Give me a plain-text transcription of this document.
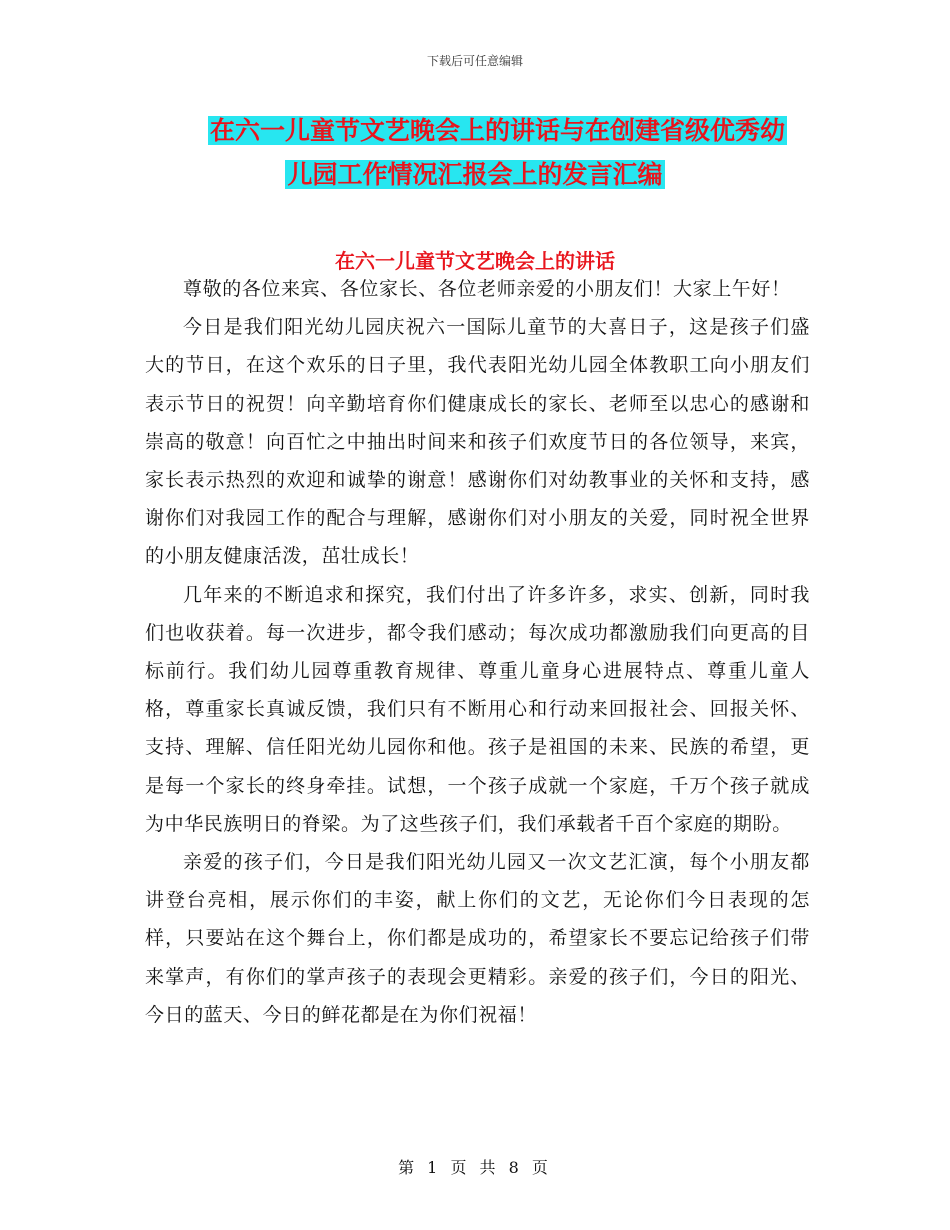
下载后可任意编辑
在六一儿童节文艺晚会上的讲话与在创建省级优秀幼
儿园工作情况汇报会上的发言汇编
在六一儿童节文艺晚会上的讲话

尊敬的各位来宾、各位家长、各位老师亲爱的小朋友们！大家上午好！

今日是我们阳光幼儿园庆祝六一国际儿童节的大喜日子，这是孩子们盛大的节日，在这个欢乐的日子里，我代表阳光幼儿园全体教职工向小朋友们表示节日的祝贺！向辛勤培育你们健康成长的家长、老师至以忠心的感谢和崇高的敬意！向百忙之中抽出时间来和孩子们欢度节日的各位领导，来宾，家长表示热烈的欢迎和诚挚的谢意！感谢你们对幼教事业的关怀和支持，感谢你们对我园工作的配合与理解，感谢你们对小朋友的关爱，同时祝全世界的小朋友健康活泼，茁壮成长！

几年来的不断追求和探究，我们付出了许多许多，求实、创新，同时我们也收获着。每一次进步，都令我们感动；每次成功都激励我们向更高的目标前行。我们幼儿园尊重教育规律、尊重儿童身心进展特点、尊重儿童人格，尊重家长真诚反馈，我们只有不断用心和行动来回报社会、回报关怀、支持、理解、信任阳光幼儿园你和他。孩子是祖国的未来、民族的希望，更是每一个家长的终身牵挂。试想，一个孩子成就一个家庭，千万个孩子就成为中华民族明日的脊梁。为了这些孩子们，我们承载者千百个家庭的期盼。

亲爱的孩子们，今日是我们阳光幼儿园又一次文艺汇演，每个小朋友都讲登台亮相，展示你们的丰姿，献上你们的文艺，无论你们今日表现的怎样，只要站在这个舞台上，你们都是成功的，希望家长不要忘记给孩子们带来掌声，有你们的掌声孩子的表现会更精彩。亲爱的孩子们，今日的阳光、今日的蓝天、今日的鲜花都是在为你们祝福！

第 1 页 共 8 页
